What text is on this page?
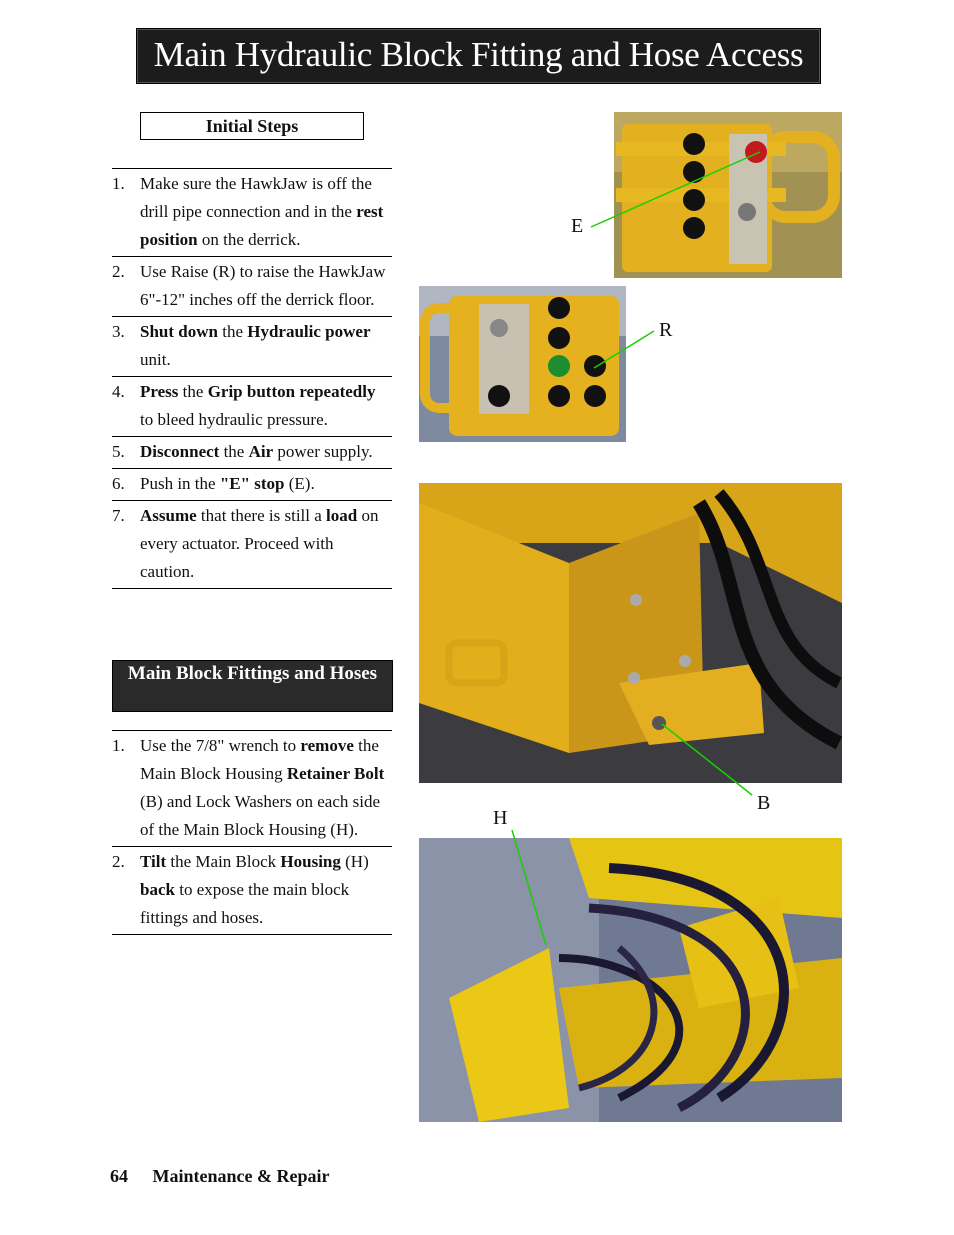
Main Hydraulic Block Fitting and Hose Access
Initial Steps
1. Make sure the HawkJaw is off the drill pipe connection and in the rest position on the derrick.
2. Use Raise (R) to raise the HawkJaw 6"-12" inches off the derrick floor.
3. Shut down the Hydraulic power unit.
4. Press the Grip button repeatedly to bleed hydraulic pressure.
5. Disconnect the Air power supply.
6. Push in the "E" stop (E).
7. Assume that there is still a load on every actuator. Proceed with caution.
Main Block Fittings and Hoses
1. Use the 7/8" wrench to remove the Main Block Housing Retainer Bolt (B) and Lock Washers on each side of the Main Block Housing (H).
2. Tilt the Main Block Housing (H) back to expose the main block fittings and hoses.
E
R
B
H
64 Maintenance & Repair
